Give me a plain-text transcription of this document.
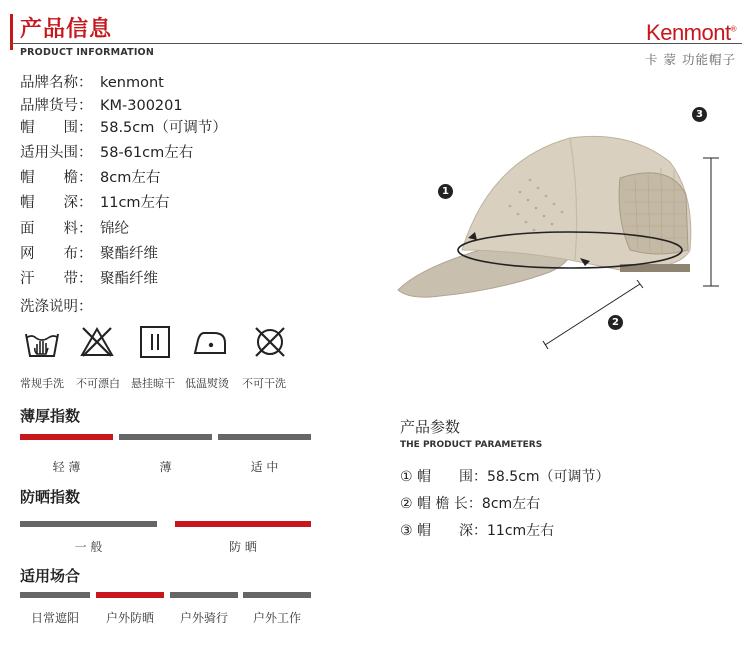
产品信息
PRODUCT INFORMATION
Kenmont®
卡 蒙 功能帽子
品牌名称： kenmont
品牌货号： KM-300201
帽　　围： 58.5cm（可调节）
适用头围： 58-61cm左右
帽　　檐： 8cm左右
帽　　深： 11cm左右
面　　料： 锦纶
网　　布： 聚酯纤维
汗　　带： 聚酯纤维
洗涤说明：
常规手洗 不可漂白 悬挂晾干 低温熨烫 不可干洗
薄厚指数
轻 薄	薄	适 中
防晒指数
一 般	防 晒
适用场合
日常遮阳	户外防晒	户外骑行	户外工作
1
2
3
产品参数
THE PRODUCT PARAMETERS
① 帽　　围：58.5cm（可调节）
② 帽 檐 长：8cm左右
③ 帽　　深：11cm左右
